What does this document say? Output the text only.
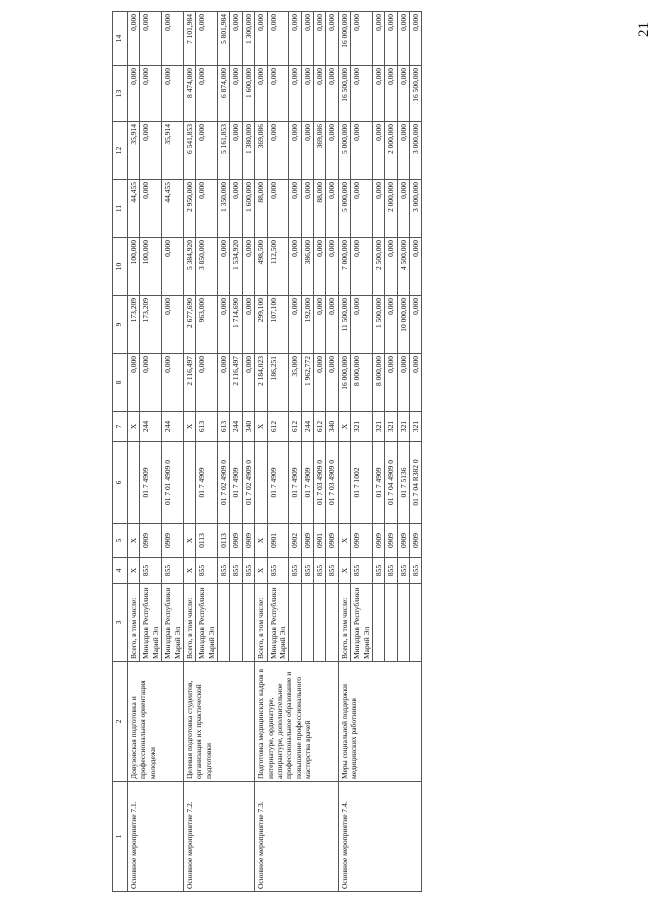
21
1	2	3	4	5	6	7	8	9	10	11	12	13	14
Основное мероприятие 7.1.	Довузовская подготовка и профессиональная ориентация молодежи	Всего, в том числе:	X	X		X	0,000	173,209	100,000	44,455	35,914	0,000	0,000
		Минздрав Республики Марий Эл	855	0909	01 7 4909	244	0,000	173,209	100,000	0,000	0,000	0,000	0,000
		Минздрав Республики Марий Эл	855	0909	01 7 01 4909 0	244	0,000	0,000	0,000	44,455	35,914	0,000	0,000
Основное мероприятие 7.2.	Целевая подготовка студентов, организация их практической подготовки	Всего, в том числе:	X	X		X	2 116,497	2 677,690	5 384,920	2 950,000	6 541,853	8 474,000	7 101,984
		Минздрав Республики Марий Эл	855	0113	01 7 4909	613	0,000	963,000	3 850,000	0,000	0,000	0,000	0,000
			855	0113	01 7 02 4909 0	613	0,000	0,000	0,000	1 350,000	5 161,853	6 874,000	5 801,984
			855	0909	01 7 4909	244	2 116,497	1 714,690	1 534,920	0,000	0,000	0,000	0,000
			855	0909	01 7 02 4909 0	340	0,000	0,000	0,000	1 600,000	1 380,000	1 600,000	1 300,000
Основное мероприятие 7.3.	Подготовка медицинских кадров в интернатуре, ординатуре, аспирантуре, дополнительное профессиональное образование и повышение профессионального мастерства врачей	Всего, в том числе:	X	X		X	2 184,023	299,100	498,500	88,000	369,086	0,000	0,000
		Минздрав Республики Марий Эл	855	0901	01 7 4909	612	186,251	107,100	112,500	0,000	0,000	0,000	0,000
			855	0902	01 7 4909	612	35,000	0,000	0,000	0,000	0,000	0,000	0,000
			855	0909	01 7 4909	244	1 962,772	192,000	386,000	0,000	0,000	0,000	0,000
			855	0901	01 7 03 4909 0	612	0,000	0,000	0,000	88,000	369,086	0,000	0,000
			855	0909	01 7 03 4909 0	340	0,000	0,000	0,000	0,000	0,000	0,000	0,000
Основное мероприятие 7.4.	Меры социальной поддержки медицинских работников	Всего, в том числе:	X	X		X	16 000,000	11 500,000	7 000,000	5 000,000	5 000,000	16 500,000	16 000,000
		Минздрав Республики Марий Эл	855	0909	01 7 1002	321	8 000,000	0,000	0,000	0,000	0,000	0,000	0,000
			855	0909	01 7 4909	321	8 000,000	1 500,000	2 500,000	0,000	0,000	0,000	0,000
			855	0909	01 7 04 4909 0	321	0,000	0,000	0,000	2 000,000	2 000,000	0,000	0,000
			855	0909	01 7 5136	321	0,000	10 000,000	4 500,000	0,000	0,000	0,000	0,000
			855	0909	01 7 04 R382 0	321	0,000	0,000	0,000	3 000,000	3 000,000	16 500,000	0,000
